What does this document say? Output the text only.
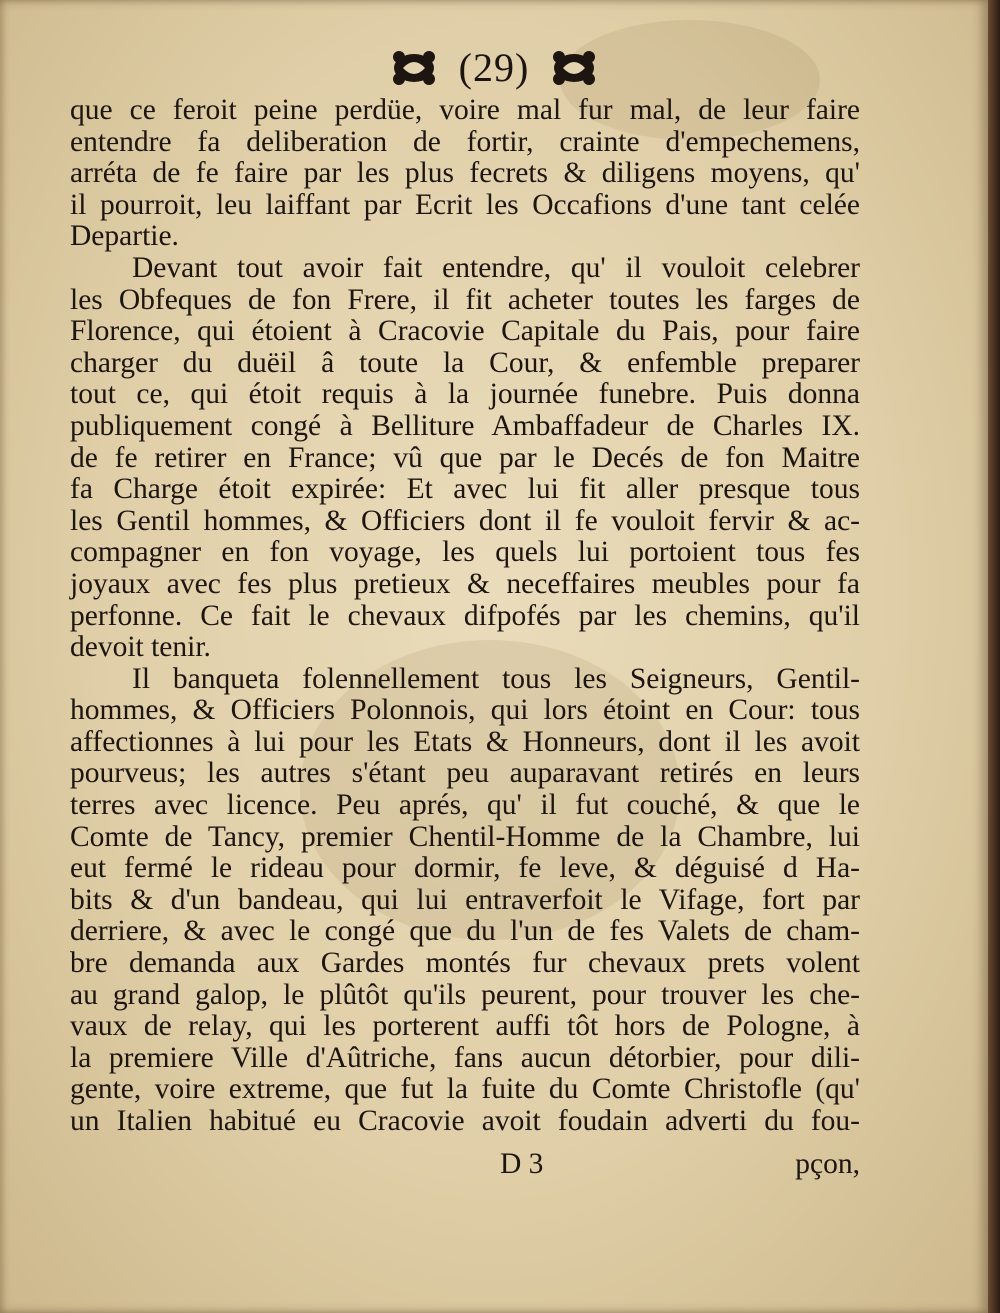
(29)
que ce feroit peine perdüe, voire mal fur mal, de leur faire
entendre fa deliberation de fortir, crainte d'empechemens,
arréta de fe faire par les plus fecrets & diligens moyens, qu'
il pourroit, leu laiffant par Ecrit les Occafions d'une tant celée
Departie.
Devant tout avoir fait entendre, qu' il vouloit celebrer
les Obfeques de fon Frere, il fit acheter toutes les farges de
Florence, qui étoient à Cracovie Capitale du Pais, pour faire
charger du duëil â toute la Cour, & enfemble preparer
tout ce, qui étoit requis à la journée funebre. Puis donna
publiquement congé à Belliture Ambaffadeur de Charles IX.
de fe retirer en France; vû que par le Decés de fon Maitre
fa Charge étoit expirée: Et avec lui fit aller presque tous
les Gentil hommes, & Officiers dont il fe vouloit fervir & ac-
compagner en fon voyage, les quels lui portoient tous fes
joyaux avec fes plus pretieux & neceffaires meubles pour fa
perfonne. Ce fait le chevaux difpofés par les chemins, qu'il
devoit tenir.
Il banqueta folennellement tous les Seigneurs, Gentil-
hommes, & Officiers Polonnois, qui lors étoint en Cour: tous
affectionnes à lui pour les Etats & Honneurs, dont il les avoit
pourveus; les autres s'étant peu auparavant retirés en leurs
terres avec licence. Peu aprés, qu' il fut couché, & que le
Comte de Tancy, premier Chentil-Homme de la Chambre, lui
eut fermé le rideau pour dormir, fe leve, & déguisé d Ha-
bits & d'un bandeau, qui lui entraverfoit le Vifage, fort par
derriere, & avec le congé que du l'un de fes Valets de cham-
bre demanda aux Gardes montés fur chevaux prets volent
au grand galop, le plûtôt qu'ils peurent, pour trouver les che-
vaux de relay, qui les porterent auffi tôt hors de Pologne, à
la premiere Ville d'Aûtriche, fans aucun détorbier, pour dili-
gente, voire extreme, que fut la fuite du Comte Christofle (qu'
un Italien habitué eu Cracovie avoit foudain adverti du fou-
D 3	pçon,
